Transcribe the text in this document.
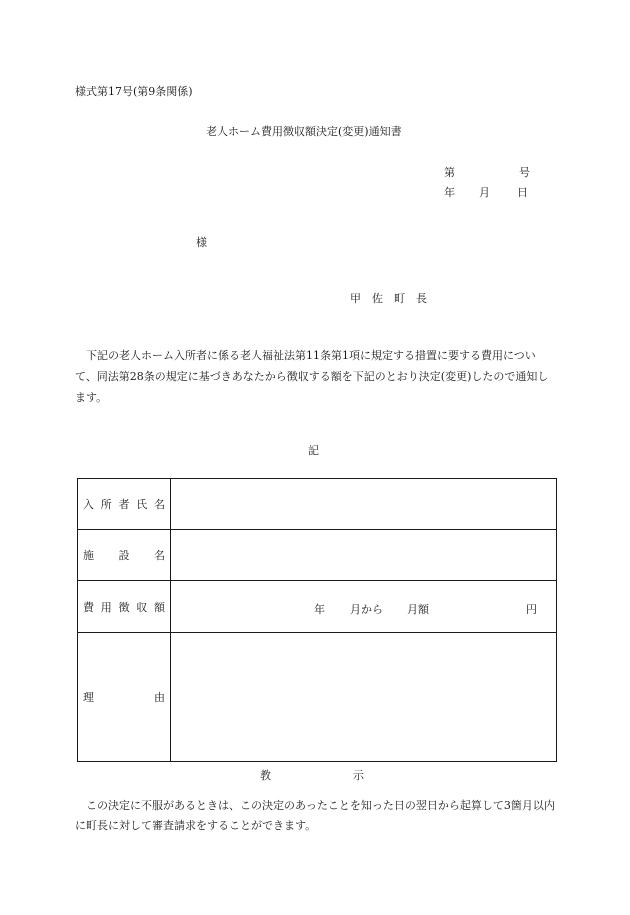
様式第17号(第9条関係)
老人ホーム費用徴収額決定(変更)通知書
第	号
年 月 日
様
甲佐町長
下記の老人ホーム入所者に係る老人福祉法第11条第1項に規定する措置に要する費用について、同法第28条の規定に基づきあなたから徴収する額を下記のとおり決定(変更)したので通知します。
記
入 所 者 氏 名	

施 設 名	

費 用 徴 収 額	年 月から 月額 円

理 由	

教	示
この決定に不服があるときは、この決定のあったことを知った日の翌日から起算して3箇月以内に町長に対して審査請求をすることができます。
